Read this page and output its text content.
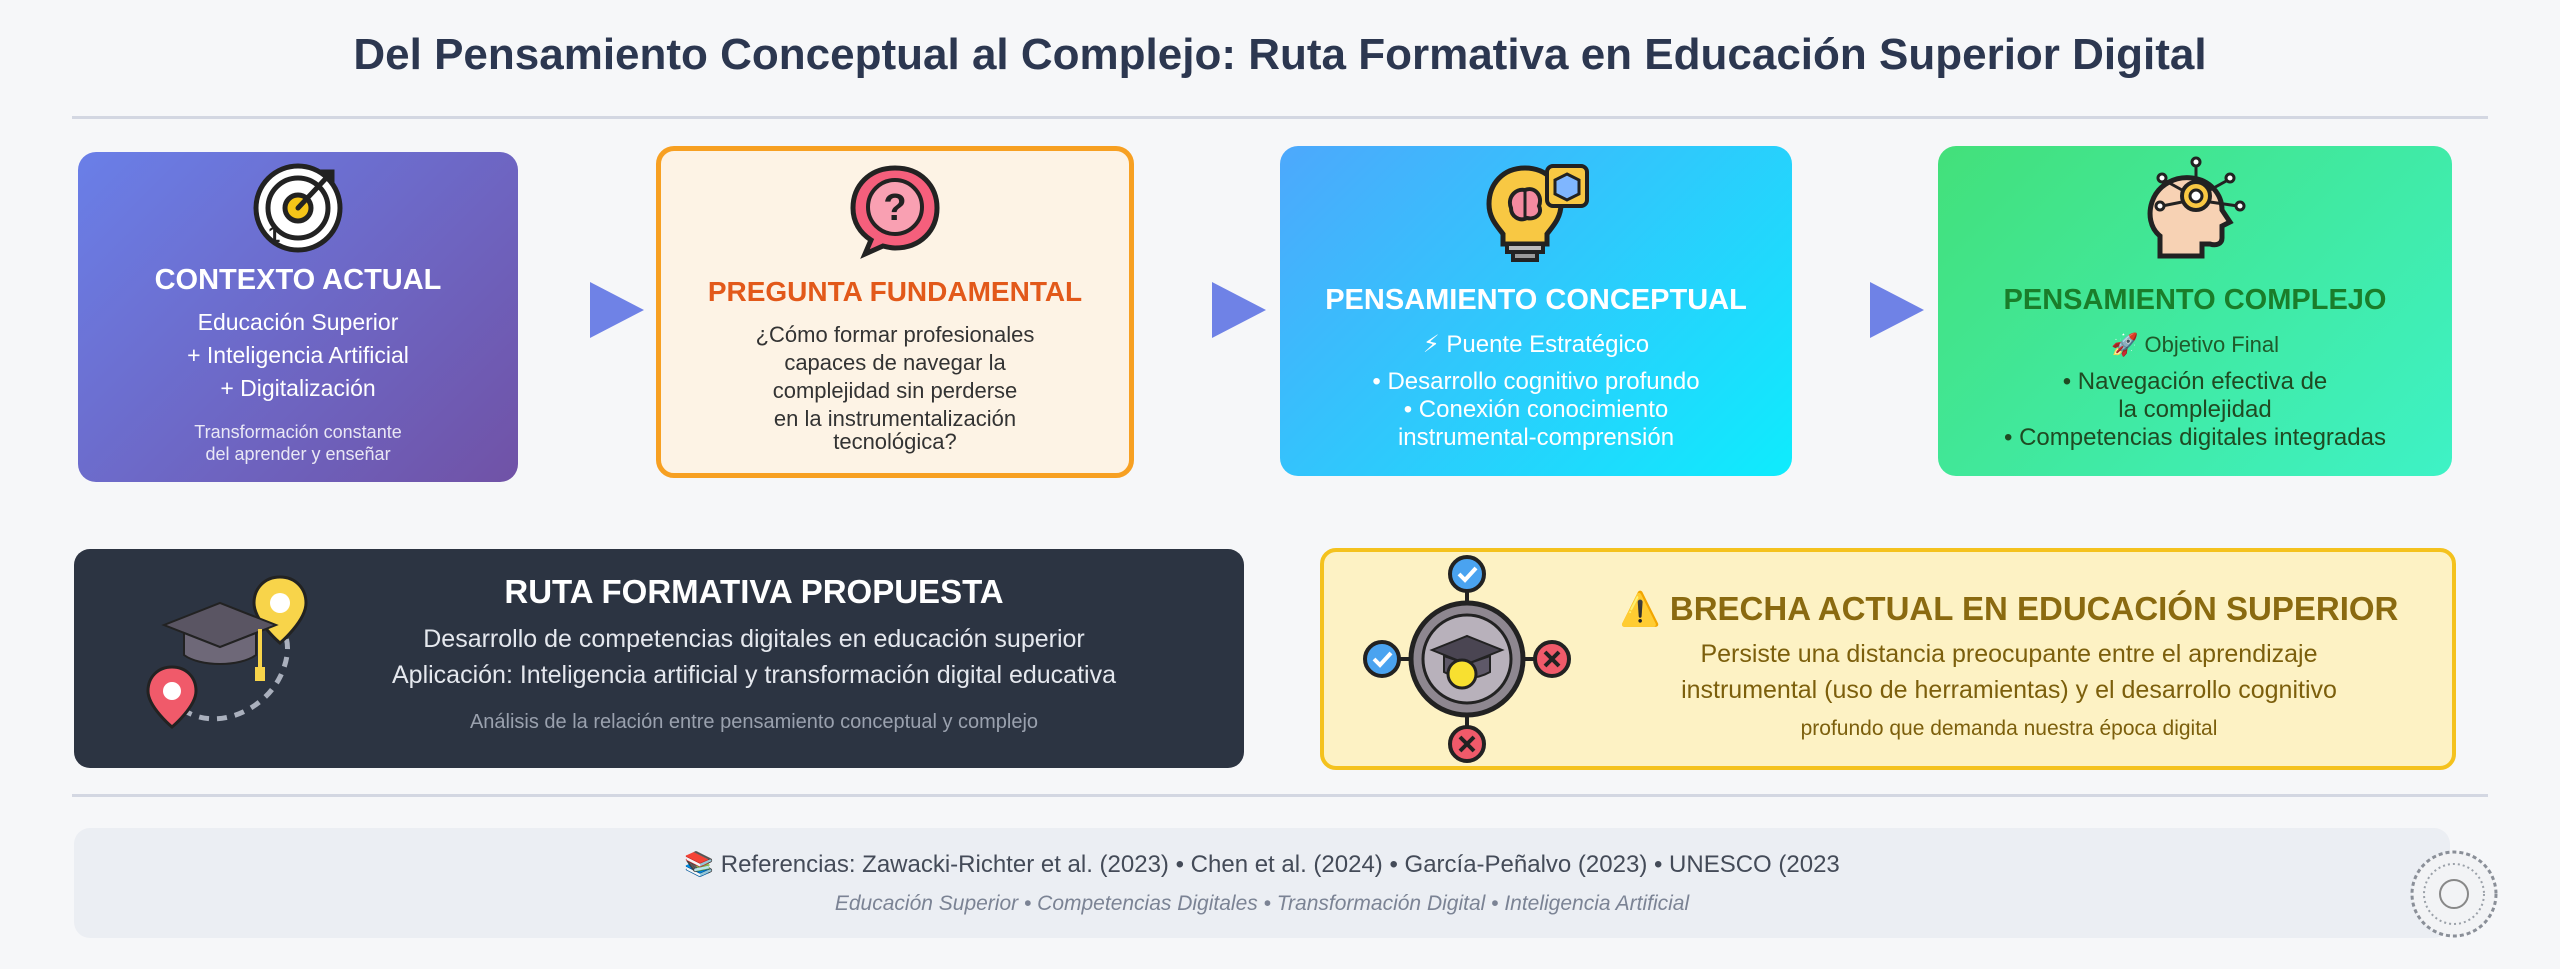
Del Pensamiento Conceptual al Complejo: Ruta Formativa en Educación Superior Digital
1
CONTEXTO ACTUAL
Educación Superior
+ Inteligencia Artificial
+ Digitalización
Transformación constante
del aprender y enseñar
?
PREGUNTA FUNDAMENTAL
¿Cómo formar profesionales
capaces de navegar la
complejidad sin perderse
en la instrumentalización
tecnológica?
PENSAMIENTO CONCEPTUAL
⚡ Puente Estratégico
• Desarrollo cognitivo profundo
• Conexión conocimiento
instrumental-comprensión
PENSAMIENTO COMPLEJO
🚀 Objetivo Final
• Navegación efectiva de
la complejidad
• Competencias digitales integradas
RUTA FORMATIVA PROPUESTA
Desarrollo de competencias digitales en educación superior
Aplicación: Inteligencia artificial y transformación digital educativa
Análisis de la relación entre pensamiento conceptual y complejo
⚠️ BRECHA ACTUAL EN EDUCACIÓN SUPERIOR
Persiste una distancia preocupante entre el aprendizaje
instrumental (uso de herramientas) y el desarrollo cognitivo
profundo que demanda nuestra época digital
📚 Referencias: Zawacki-Richter et al. (2023) • Chen et al. (2024) • García-Peñalvo (2023) • UNESCO (2023
Educación Superior • Competencias Digitales • Transformación Digital • Inteligencia Artificial
